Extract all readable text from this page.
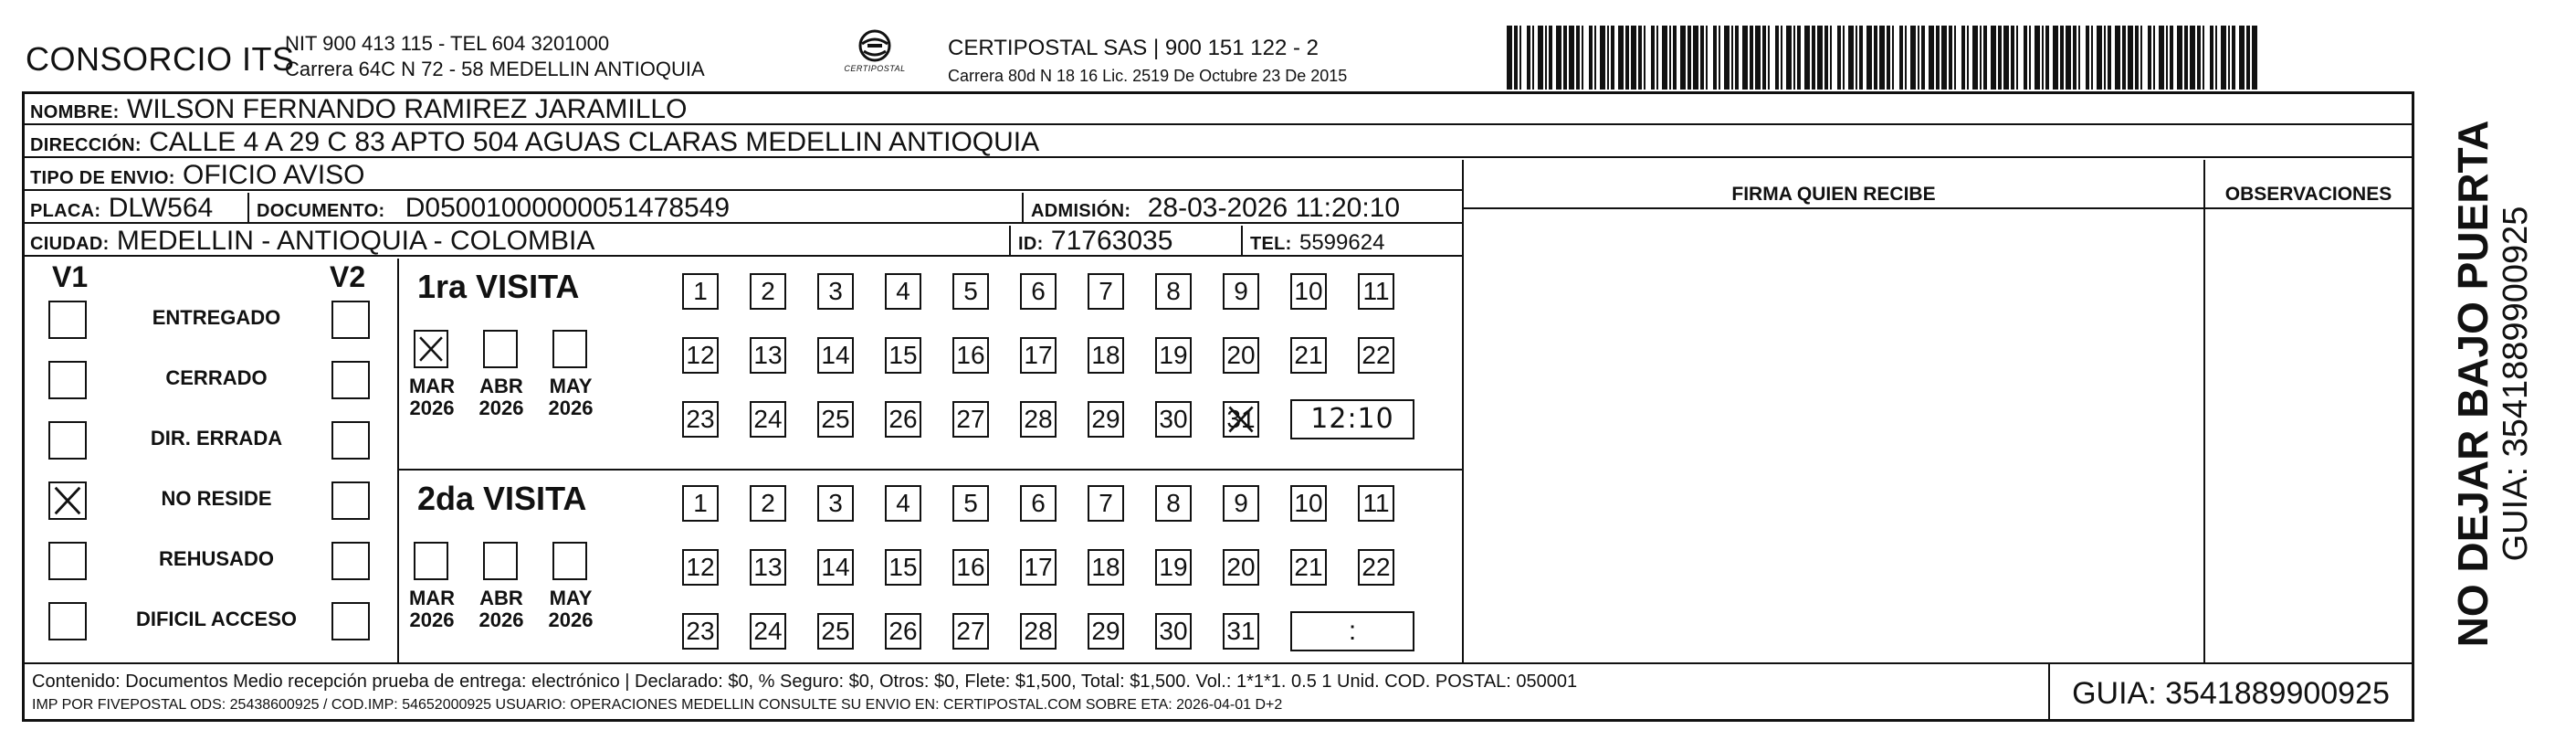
CONSORCIO ITS
NIT 900 413 115 - TEL 604 3201000
Carrera 64C N 72 - 58 MEDELLIN ANTIOQUIA	CERTIPOSTAL
CERTIPOSTAL SAS | 900 151 122 - 2
Carrera 80d N 18 16 Lic. 2519 De Octubre 23 De 2015
NOMBRE: WILSON FERNANDO RAMIREZ JARAMILLO
DIRECCIÓN: CALLE 4 A 29 C 83 APTO 504 AGUAS CLARAS MEDELLIN ANTIOQUIA
TIPO DE ENVIO: OFICIO AVISO
PLACA: DLW564	DOCUMENTO: D05001000000051478549	ADMISIÓN: 28-03-2026 11:20:10
CIUDAD: MEDELLIN - ANTIOQUIA - COLOMBIA	ID: 71763035	TEL: 5599624
FIRMA QUIEN RECIBE	OBSERVACIONES
V1	V2
ENTREGADO
CERRADO
DIR. ERRADA
NO RESIDE
REHUSADO
DIFICIL ACCESO
1ra VISITA
MAR
2026
ABR
2026
MAY
2026
1	2	3	4	5	6	7	8	9	10 11
12 13 14 15 16 17 18 19 20 21 22
23 24 25 26 27 28 29 30 31	12:10
2da VISITA
MAR
2026
ABR
2026
MAY
2026
1	2	3	4	5	6	7	8	9	10 11
12 13 14 15 16 17 18 19 20 21 22
23 24 25 26 27 28 29 30 31	:
Contenido: Documentos Medio recepción prueba de entrega: electrónico | Declarado: $0, % Seguro: $0, Otros: $0, Flete: $1,500, Total: $1,500. Vol.: 1*1*1. 0.5 1 Unid. COD. POSTAL: 050001
IMP POR FIVEPOSTAL ODS: 25438600925 / COD.IMP: 54652000925 USUARIO: OPERACIONES MEDELLIN CONSULTE SU ENVIO EN: CERTIPOSTAL.COM SOBRE ETA: 2026-04-01 D+2	GUIA: 3541889900925
NO DEJAR BAJO PUERTA GUIA: 3541889900925
